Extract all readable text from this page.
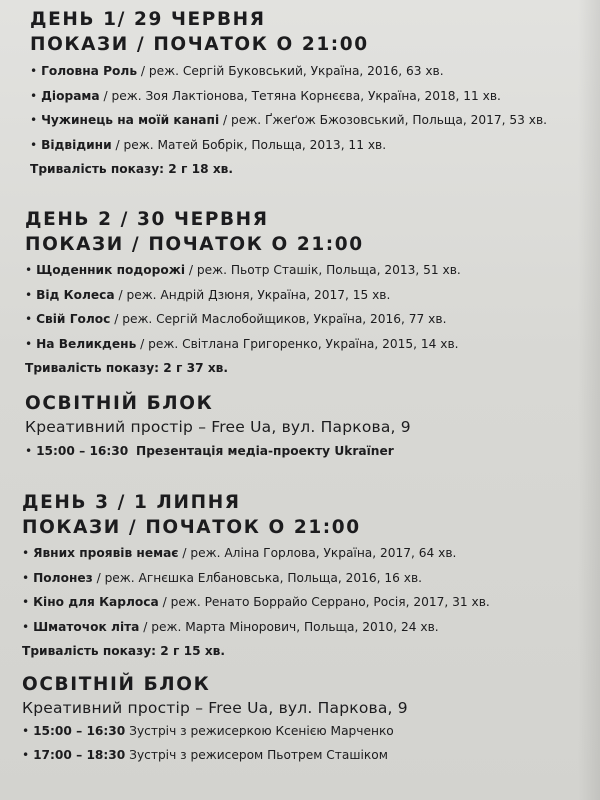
ДЕНЬ 1/ 29 ЧЕРВНЯ
ПОКАЗИ / ПОЧАТОК О 21:00
• Головна Роль / реж. Сергій Буковський, Україна, 2016, 63 хв.
• Діорама / реж. Зоя Лактіонова, Тетяна Корнєєва, Україна, 2018, 11 хв.
• Чужинець на моїй канапі / реж. Ґжеґож Бжозовський, Польща, 2017, 53 хв.
• Відвідини / реж. Матей Бобрік, Польща, 2013, 11 хв.
Тривалість показу: 2 г 18 хв.
ДЕНЬ 2 / 30 ЧЕРВНЯ
ПОКАЗИ / ПОЧАТОК О 21:00
• Щоденник подорожі / реж. Пьотр Сташік, Польща, 2013, 51 хв.
• Від Колеса / реж. Андрій Дзюня, Україна, 2017, 15 хв.
• Свій Голос / реж. Сергій Маслобойщиков, Україна, 2016, 77 хв.
• На Великдень / реж. Світлана Григоренко, Україна, 2015, 14 хв.
Тривалість показу: 2 г 37 хв.
ОСВІТНІЙ БЛОК
Креативний простір – Free Ua, вул. Паркова, 9
• 15:00 – 16:30 Презентація медіа-проекту Ukraїner
ДЕНЬ 3 / 1 ЛИПНЯ
ПОКАЗИ / ПОЧАТОК О 21:00
• Явних проявів немає / реж. Аліна Горлова, Україна, 2017, 64 хв.
• Полонез / реж. Агнєшка Елбановська, Польща, 2016, 16 хв.
• Кіно для Карлоса / реж. Ренато Боррайо Серрано, Росія, 2017, 31 хв.
• Шматочок літа / реж. Марта Мінорович, Польща, 2010, 24 хв.
Тривалість показу: 2 г 15 хв.
ОСВІТНІЙ БЛОК
Креативний простір – Free Ua, вул. Паркова, 9
• 15:00 – 16:30 Зустріч з режисеркою Ксенією Марченко
• 17:00 – 18:30 Зустріч з режисером Пьотрем Сташіком
